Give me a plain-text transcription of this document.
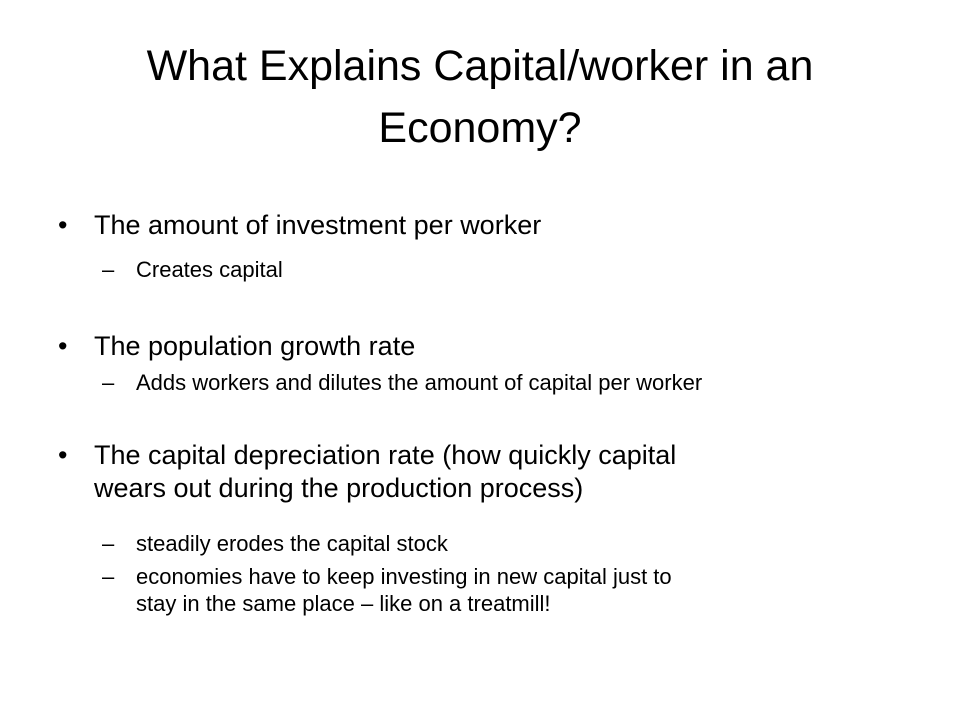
What Explains Capital/worker in an
Economy?
• The amount of investment per worker
– Creates capital
• The population growth rate
– Adds workers and dilutes the amount of capital per worker
• The capital depreciation rate (how quickly capital
wears out during the production process)
– steadily erodes the capital stock
– economies have to keep investing in new capital just to
stay in the same place – like on a treatmill!
